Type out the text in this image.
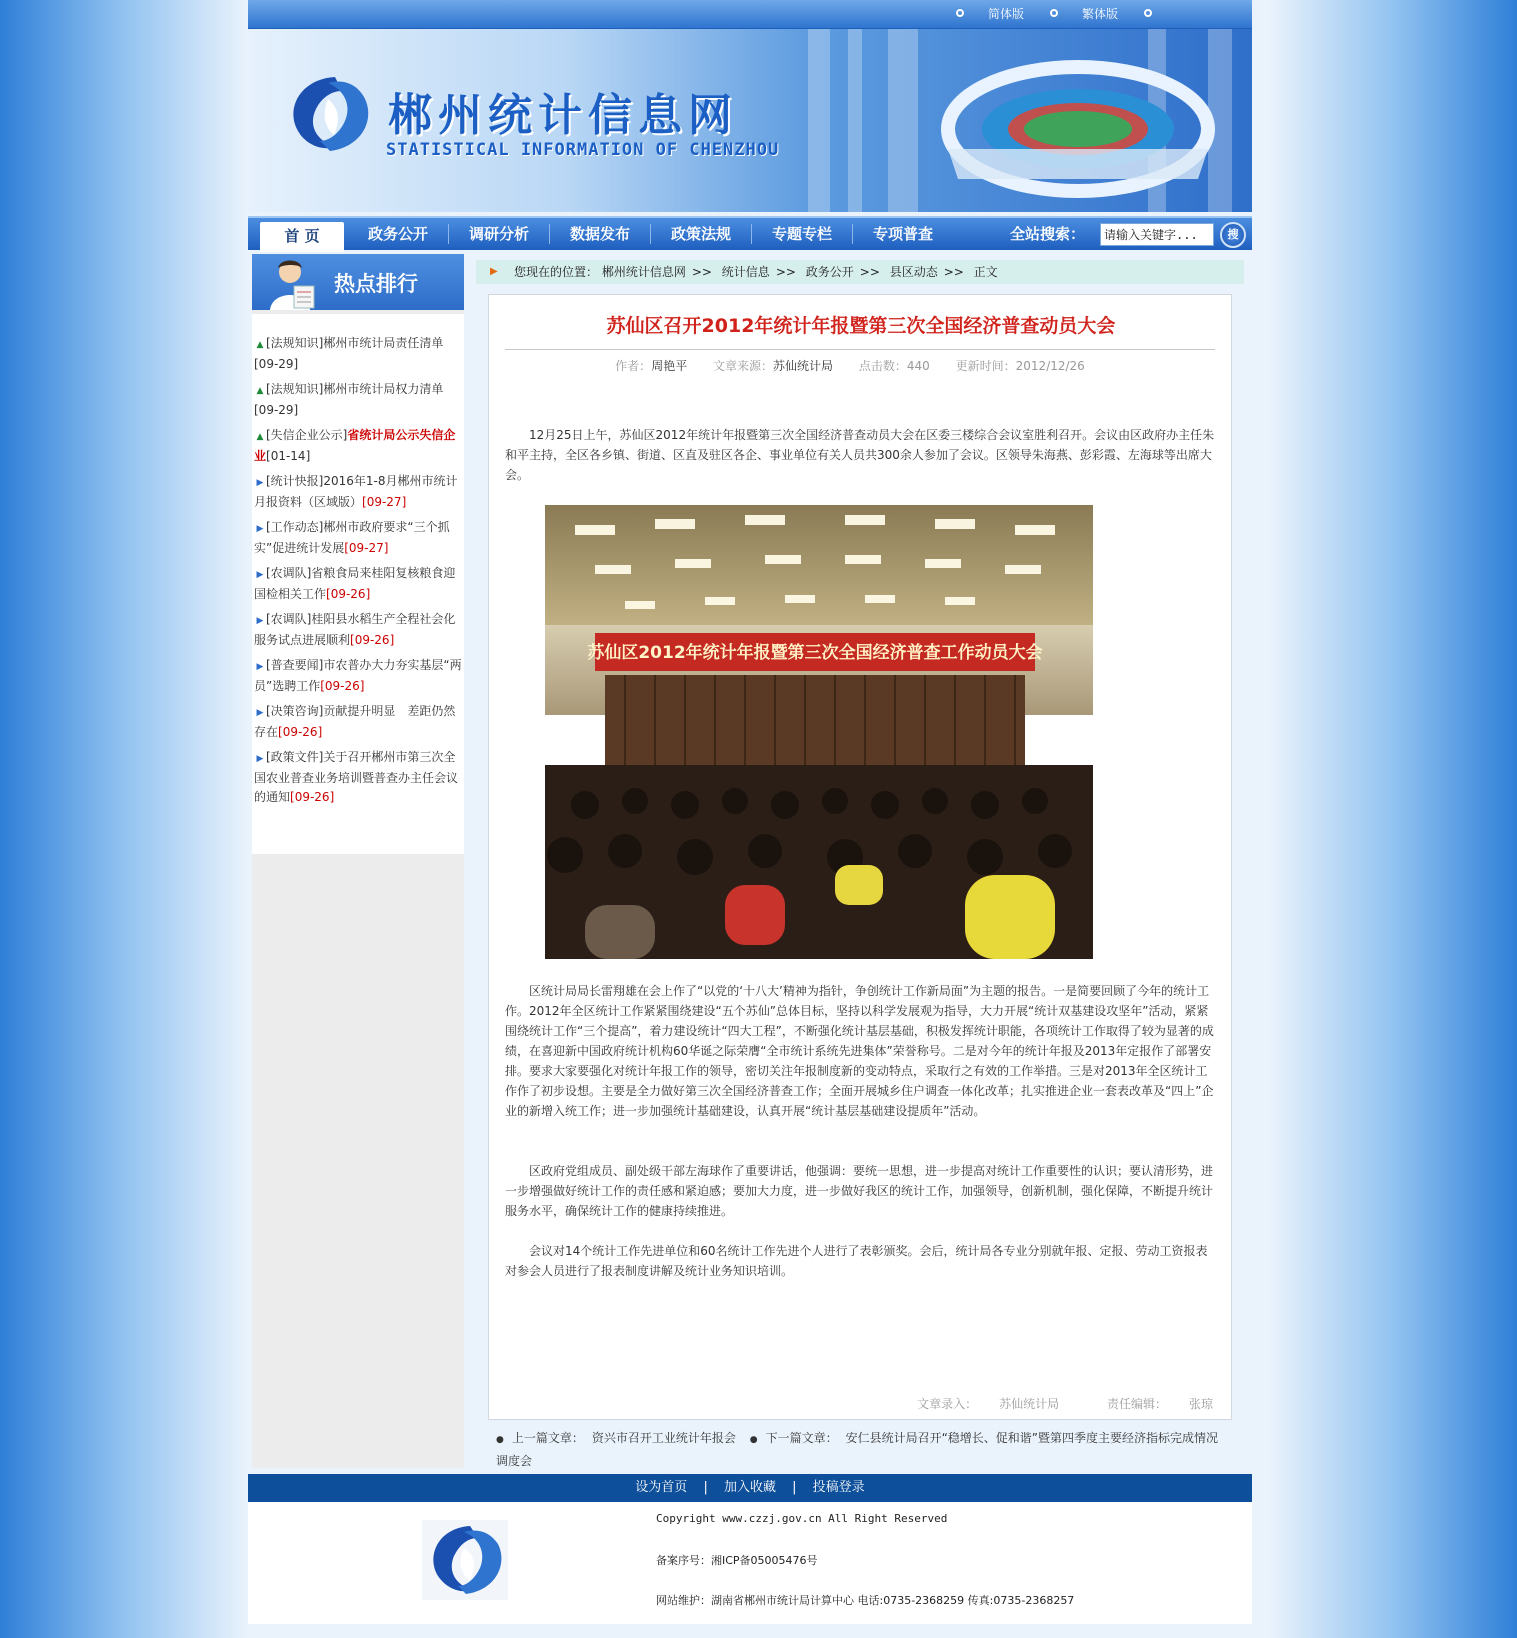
简体版	繁体版
郴州统计信息网
STATISTICAL INFORMATION OF CHENZHOU
首 页	政务公开	调研分析	数据发布	政策法规	专题专栏	专项普查	全站搜索：
请输入关键字...	搜
热点排行
▲ [法规知识]郴州市统计局责任清单
[09-29]
▲ [法规知识]郴州市统计局权力清单
[09-29]
▲ [失信企业公示]省统计局公示失信企业[01-14]
▶ [统计快报]2016年1-8月郴州市统计月报资料（区域版）[09-27]
▶ [工作动态]郴州市政府要求“三个抓实”促进统计发展[09-27]
▶ [农调队]省粮食局来桂阳复核粮食迎国检相关工作[09-26]
▶ [农调队]桂阳县水稻生产全程社会化服务试点进展顺利[09-26]
▶ [普查要闻]市农普办大力夯实基层“两员”选聘工作[09-26]
▶ [决策咨询]贡献提升明显　差距仍然存在[09-26]
▶ [政策文件]关于召开郴州市第三次全国农业普查业务培训暨普查办主任会议的通知[09-26]
▶ 您现在的位置： 郴州统计信息网 >> 统计信息 >> 政务公开 >> 县区动态 >> 正文
苏仙区召开2012年统计年报暨第三次全国经济普查动员大会
作者：周艳平 文章来源：苏仙统计局 点击数：440 更新时间：2012/12/26

12月25日上午，苏仙区2012年统计年报暨第三次全国经济普查动员大会在区委三楼综合会议室胜利召开。会议由区政府办主任朱和平主持，全区各乡镇、街道、区直及驻区各企、事业单位有关人员共300余人参加了会议。区领导朱海燕、彭彩霞、左海球等出席大会。

苏仙区2012年统计年报暨第三次全国经济普查工作动员大会

区统计局局长雷翔雄在会上作了“以党的‘十八大’精神为指针，争创统计工作新局面”为主题的报告。一是简要回顾了今年的统计工作。2012年全区统计工作紧紧围绕建设“五个苏仙”总体目标，坚持以科学发展观为指导，大力开展“统计双基建设攻坚年”活动，紧紧围绕统计工作“三个提高”，着力建设统计“四大工程”，不断强化统计基层基础，积极发挥统计职能，各项统计工作取得了较为显著的成绩，在喜迎新中国政府统计机构60华诞之际荣膺“全市统计系统先进集体”荣誉称号。二是对今年的统计年报及2013年定报作了部署安排。要求大家要强化对统计年报工作的领导，密切关注年报制度新的变动特点，采取行之有效的工作举措。三是对2013年全区统计工作作了初步设想。主要是全力做好第三次全国经济普查工作；全面开展城乡住户调查一体化改革；扎实推进企业一套表改革及“四上”企业的新增入统工作；进一步加强统计基础建设，认真开展“统计基层基础建设提质年”活动。

区政府党组成员、副处级干部左海球作了重要讲话，他强调：要统一思想，进一步提高对统计工作重要性的认识；要认清形势，进一步增强做好统计工作的责任感和紧迫感；要加大力度，进一步做好我区的统计工作，加强领导，创新机制，强化保障，不断提升统计服务水平，确保统计工作的健康持续推进。

会议对14个统计工作先进单位和60名统计工作先进个人进行了表彰颁奖。会后，统计局各专业分别就年报、定报、劳动工资报表对参会人员进行了报表制度讲解及统计业务知识培训。

文章录入： 苏仙统计局	责任编辑： 张琼
● 上一篇文章： 资兴市召开工业统计年报会 ● 下一篇文章： 安仁县统计局召开“稳增长、促和谐”暨第四季度主要经济指标完成情况调度会
设为首页 | 加入收藏 | 投稿登录
Copyright www.czzj.gov.cn All Right Reserved
备案序号：湘ICP备05005476号
网站维护：湖南省郴州市统计局计算中心 电话:0735-2368259 传真:0735-2368257
